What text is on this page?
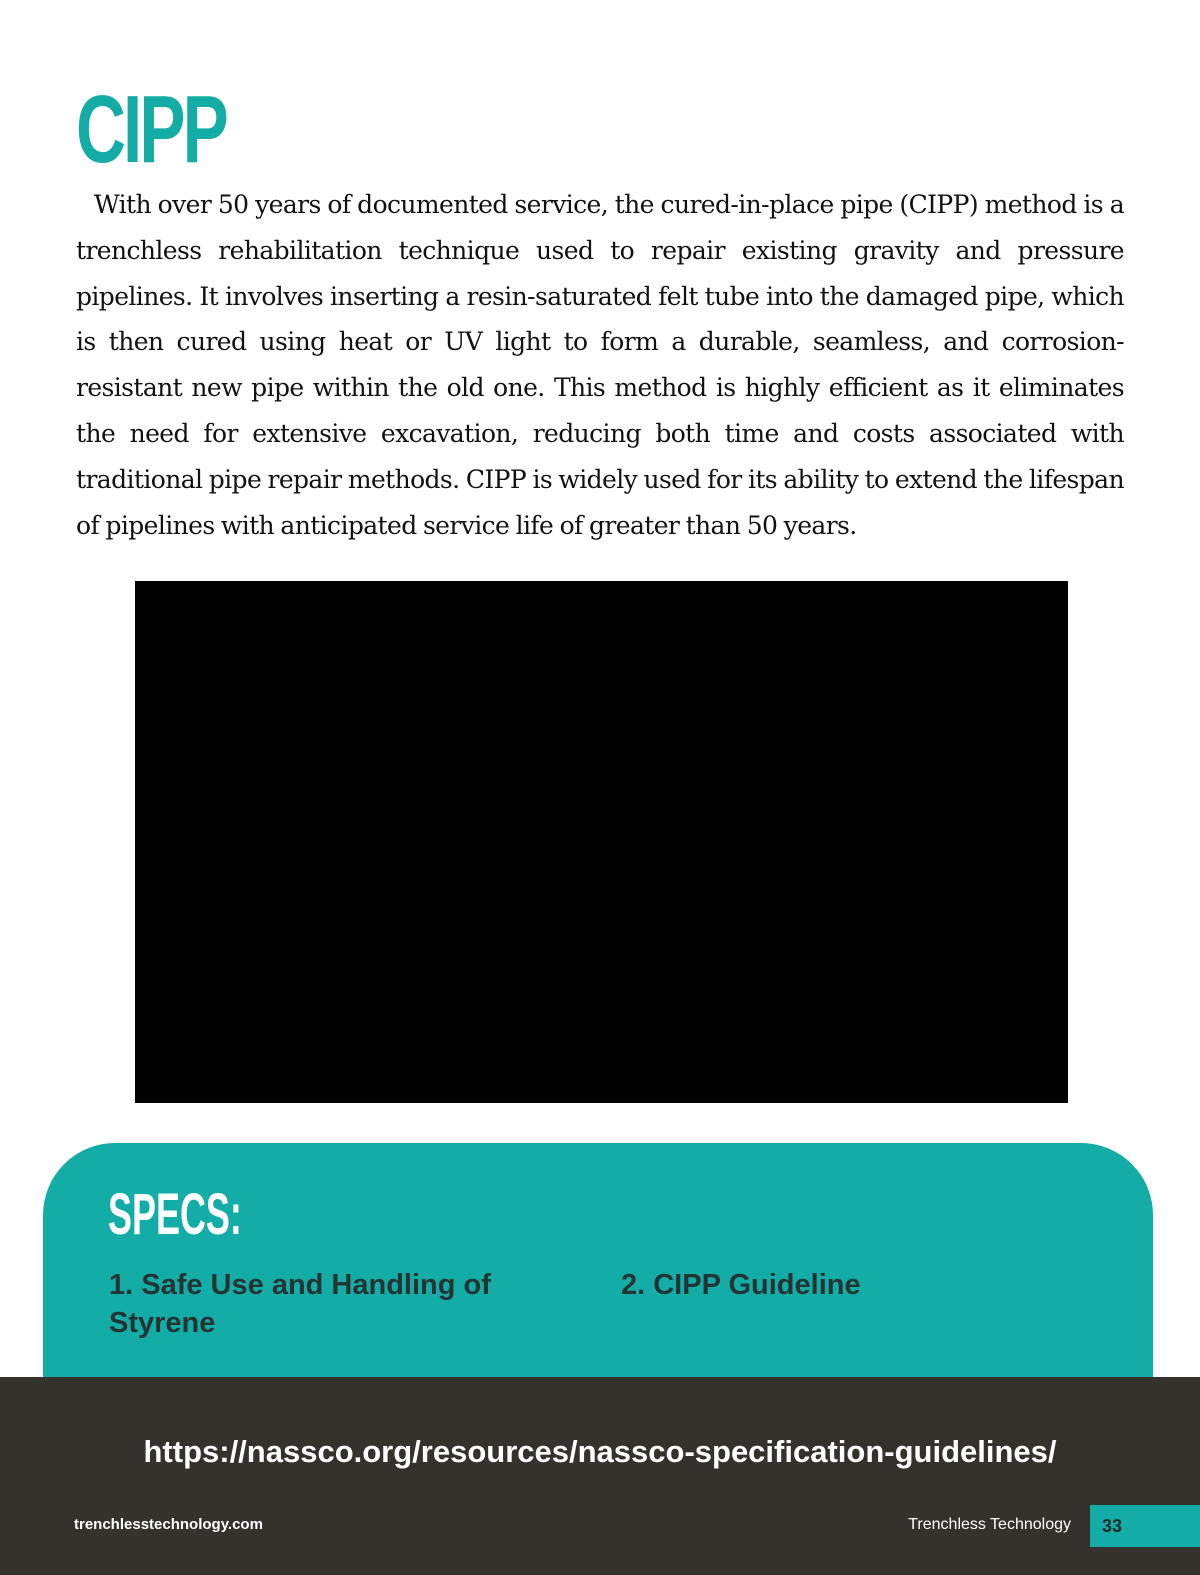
CIPP

With over 50 years of documented service, the cured-in-place pipe (CIPP) method is a trenchless rehabilitation technique used to repair existing gravity and pressure pipelines. It involves inserting a resin-saturated felt tube into the damaged pipe, which is then cured using heat or UV light to form a durable, seamless, and corrosion-resistant new pipe within the old one. This method is highly efficient as it eliminates the need for extensive excavation, reducing both time and costs associated with traditional pipe repair methods. CIPP is widely used for its ability to extend the lifespan of pipelines with anticipated service life of greater than 50 years.

SPECS:
1. Safe Use and Handling of Styrene
2. CIPP Guideline
https://nassco.org/resources/nassco-specification-guidelines/
trenchlesstechnology.com	Trenchless Technology	33
